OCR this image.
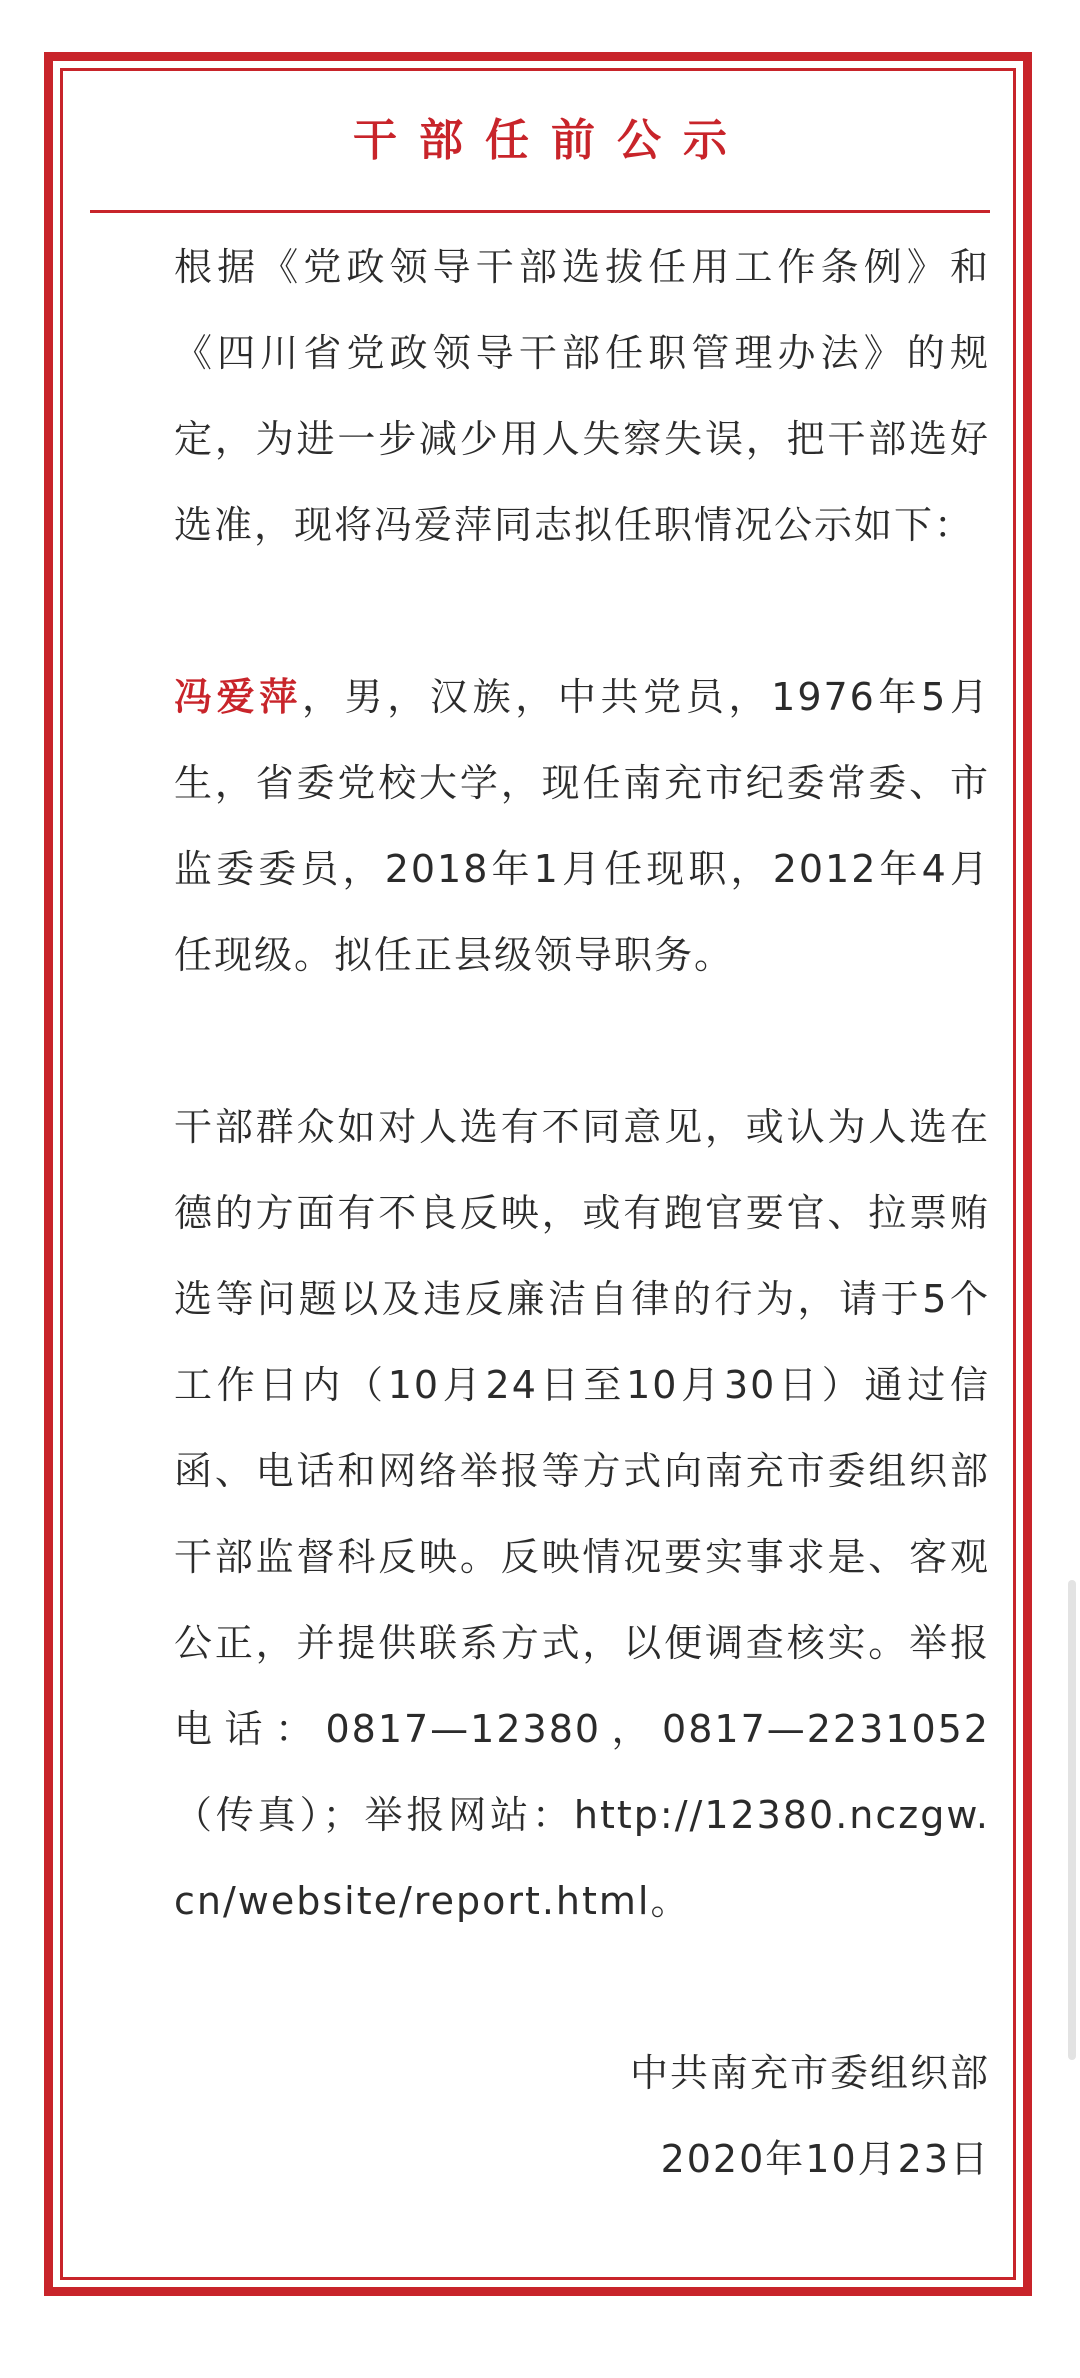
干部任前公示

根据《党政领导干部选拔任用工作条例》和《四川省党政领导干部任职管理办法》的规定，为进一步减少用人失察失误，把干部选好选准，现将冯爱萍同志拟任职情况公示如下：

冯爱萍，男，汉族，中共党员，1976年5月生，省委党校大学，现任南充市纪委常委、市监委委员，2018年1月任现职，2012年4月任现级。拟任正县级领导职务。

干部群众如对人选有不同意见，或认为人选在德的方面有不良反映，或有跑官要官、拉票贿选等问题以及违反廉洁自律的行为，请于5个工作日内（10月24日至10月30日）通过信函、电话和网络举报等方式向南充市委组织部干部监督科反映。反映情况要实事求是、客观公正，并提供联系方式，以便调查核实。举报电话：0817—12380，0817—2231052（传真）；举报网站：http://12380.nczgw.cn/website/report.html。

中共南充市委组织部

2020年10月23日
